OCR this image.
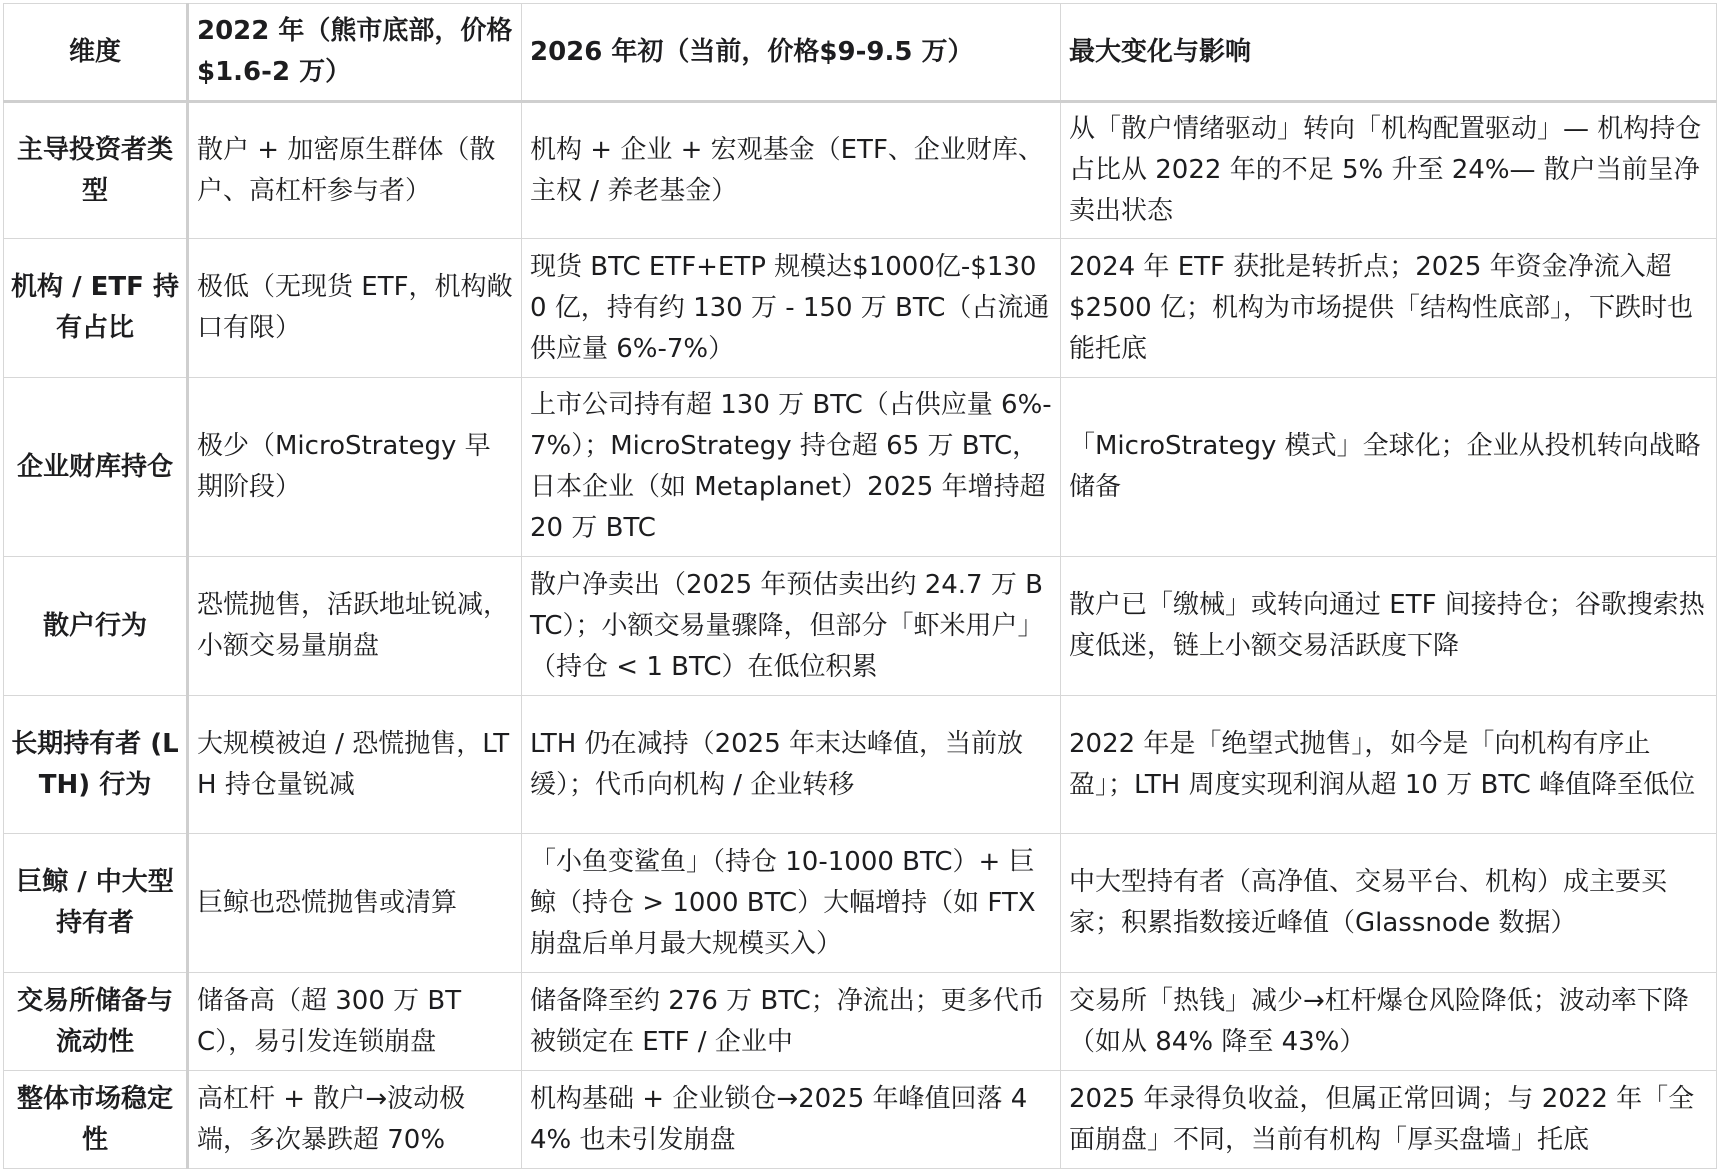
维度	2022 年（熊市底部，价格$1.6-2 万）	2026 年初（当前，价格$9-9.5 万）	最大变化与影响
主导投资者类型	散户 + 加密原生群体（散户、高杠杆参与者）	机构 + 企业 + 宏观基金（ETF、企业财库、主权 / 养老基金）	从「散户情绪驱动」转向「机构配置驱动」— 机构持仓占比从 2022 年的不足 5% 升至 24%— 散户当前呈净卖出状态
机构 / ETF 持有占比	极低（无现货 ETF，机构敞口有限）	现货 BTC ETF+ETP 规模达$1000亿-$1300 亿，持有约 130 万 - 150 万 BTC（占流通供应量 6%-7%）	2024 年 ETF 获批是转折点；2025 年资金净流入超 $2500 亿；机构为市场提供「结构性底部」，下跌时也能托底
企业财库持仓	极少（MicroStrategy 早期阶段）	上市公司持有超 130 万 BTC（占供应量 6%-7%）；MicroStrategy 持仓超 65 万 BTC，日本企业（如 Metaplanet）2025 年增持超 20 万 BTC	「MicroStrategy 模式」全球化；企业从投机转向战略储备
散户行为	恐慌抛售，活跃地址锐减，小额交易量崩盘	散户净卖出（2025 年预估卖出约 24.7 万 BTC）；小额交易量骤降，但部分「虾米用户」（持仓 < 1 BTC）在低位积累	散户已「缴械」或转向通过 ETF 间接持仓；谷歌搜索热度低迷，链上小额交易活跃度下降
长期持有者 (LTH) 行为	大规模被迫 / 恐慌抛售，LTH 持仓量锐减	LTH 仍在减持（2025 年末达峰值，当前放缓）；代币向机构 / 企业转移	2022 年是「绝望式抛售」，如今是「向机构有序止盈」；LTH 周度实现利润从超 10 万 BTC 峰值降至低位
巨鲸 / 中大型持有者	巨鲸也恐慌抛售或清算	「小鱼变鲨鱼」（持仓 10-1000 BTC）+ 巨鲸（持仓 > 1000 BTC）大幅增持（如 FTX 崩盘后单月最大规模买入）	中大型持有者（高净值、交易平台、机构）成主要买家；积累指数接近峰值（Glassnode 数据）
交易所储备与流动性	储备高（超 300 万 BTC），易引发连锁崩盘	储备降至约 276 万 BTC；净流出；更多代币被锁定在 ETF / 企业中	交易所「热钱」减少→杠杆爆仓风险降低；波动率下降（如从 84% 降至 43%）
整体市场稳定性	高杠杆 + 散户→波动极端，多次暴跌超 70%	机构基础 + 企业锁仓→2025 年峰值回落 44% 也未引发崩盘	2025 年录得负收益，但属正常回调；与 2022 年「全面崩盘」不同，当前有机构「厚买盘墙」托底
